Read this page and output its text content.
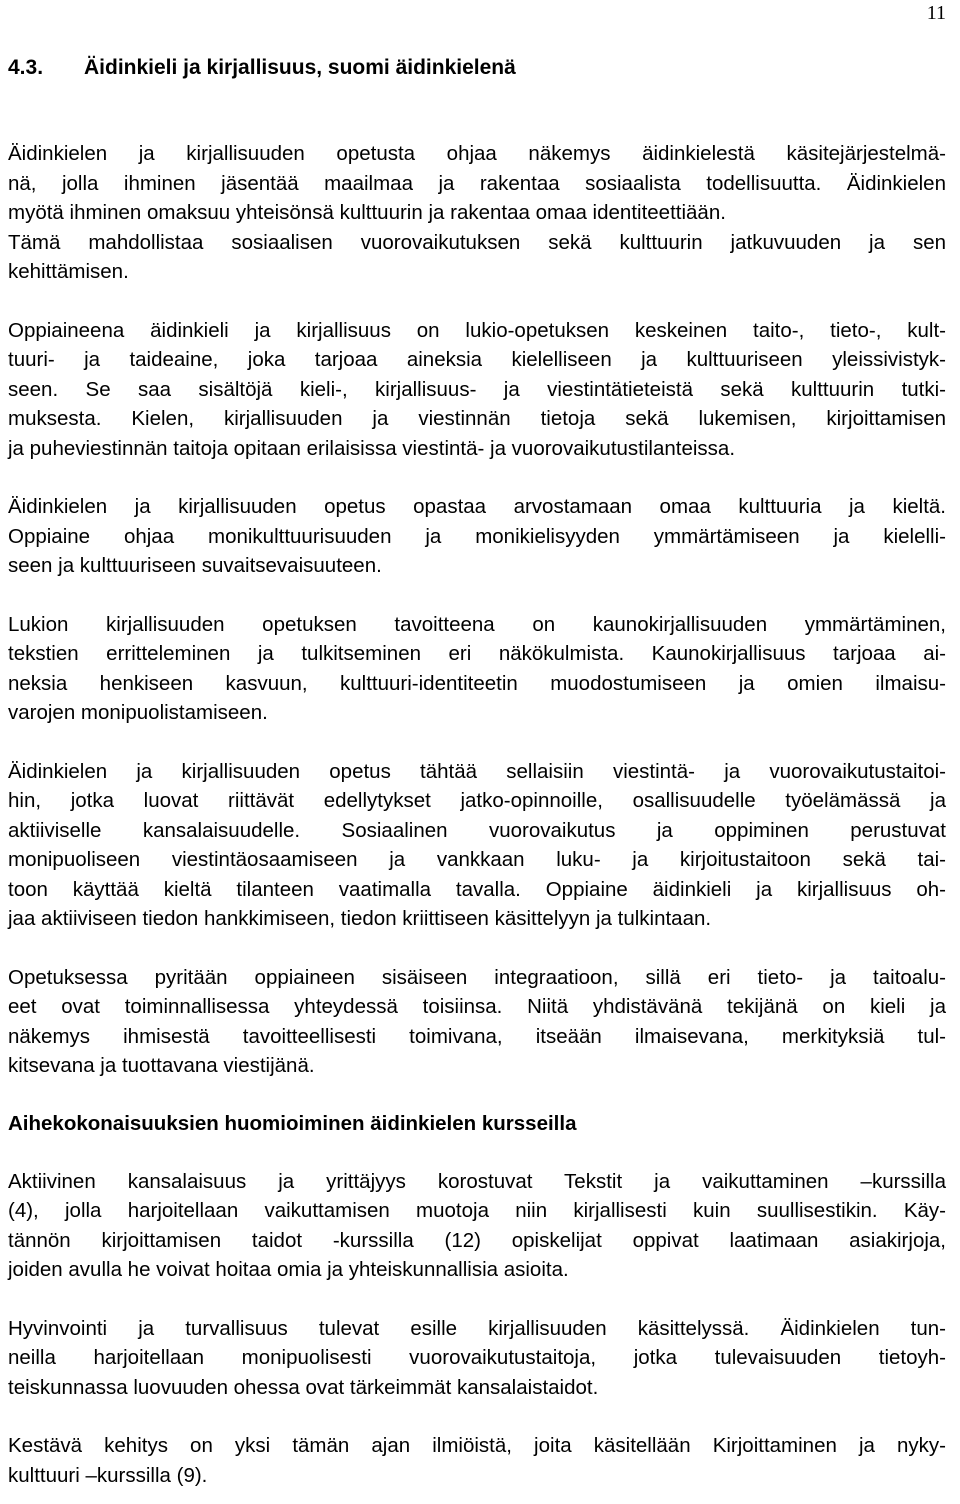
11
4.3. Äidinkieli ja kirjallisuus, suomi äidinkielenä

Äidinkielen ja kirjallisuuden opetusta ohjaa näkemys äidinkielestä käsitejärjestelmä-
nä, jolla ihminen jäsentää maailmaa ja rakentaa sosiaalista todellisuutta. Äidinkielen
myötä ihminen omaksuu yhteisönsä kulttuurin ja rakentaa omaa identiteettiään.
Tämä mahdollistaa sosiaalisen vuorovaikutuksen sekä kulttuurin jatkuvuuden ja sen
kehittämisen.

Oppiaineena äidinkieli ja kirjallisuus on lukio-opetuksen keskeinen taito-, tieto-, kult-
tuuri- ja taideaine, joka tarjoaa aineksia kielelliseen ja kulttuuriseen yleissivistyk-
seen. Se saa sisältöjä kieli-, kirjallisuus- ja viestintätieteistä sekä kulttuurin tutki-
muksesta. Kielen, kirjallisuuden ja viestinnän tietoja sekä lukemisen, kirjoittamisen
ja puheviestinnän taitoja opitaan erilaisissa viestintä- ja vuorovaikutustilanteissa.

Äidinkielen ja kirjallisuuden opetus opastaa arvostamaan omaa kulttuuria ja kieltä.
Oppiaine ohjaa monikulttuurisuuden ja monikielisyyden ymmärtämiseen ja kielelli-
seen ja kulttuuriseen suvaitsevaisuuteen.

Lukion kirjallisuuden opetuksen tavoitteena on kaunokirjallisuuden ymmärtäminen,
tekstien erritteleminen ja tulkitseminen eri näkökulmista. Kaunokirjallisuus tarjoaa ai-
neksia henkiseen kasvuun, kulttuuri-identiteetin muodostumiseen ja omien ilmaisu-
varojen monipuolistamiseen.

Äidinkielen ja kirjallisuuden opetus tähtää sellaisiin viestintä- ja vuorovaikutustaitoi-
hin, jotka luovat riittävät edellytykset jatko-opinnoille, osallisuudelle työelämässä ja
aktiiviselle kansalaisuudelle. Sosiaalinen vuorovaikutus ja oppiminen perustuvat
monipuoliseen viestintäosaamiseen ja vankkaan luku- ja kirjoitustaitoon sekä tai-
toon käyttää kieltä tilanteen vaatimalla tavalla. Oppiaine äidinkieli ja kirjallisuus oh-
jaa aktiiviseen tiedon hankkimiseen, tiedon kriittiseen käsittelyyn ja tulkintaan.

Opetuksessa pyritään oppiaineen sisäiseen integraatioon, sillä eri tieto- ja taitoalu-
eet ovat toiminnallisessa yhteydessä toisiinsa. Niitä yhdistävänä tekijänä on kieli ja
näkemys ihmisestä tavoitteellisesti toimivana, itseään ilmaisevana, merkityksiä tul-
kitsevana ja tuottavana viestijänä.

Aihekokonaisuuksien huomioiminen äidinkielen kursseilla

Aktiivinen kansalaisuus ja yrittäjyys korostuvat Tekstit ja vaikuttaminen –kurssilla
(4), jolla harjoitellaan vaikuttamisen muotoja niin kirjallisesti kuin suullisestikin. Käy-
tännön kirjoittamisen taidot -kurssilla (12) opiskelijat oppivat laatimaan asiakirjoja,
joiden avulla he voivat hoitaa omia ja yhteiskunnallisia asioita.

Hyvinvointi ja turvallisuus tulevat esille kirjallisuuden käsittelyssä. Äidinkielen tun-
neilla harjoitellaan monipuolisesti vuorovaikutustaitoja, jotka tulevaisuuden tietoyh-
teiskunnassa luovuuden ohessa ovat tärkeimmät kansalaistaidot.

Kestävä kehitys on yksi tämän ajan ilmiöistä, joita käsitellään Kirjoittaminen ja nyky-
kulttuuri –kurssilla (9).
